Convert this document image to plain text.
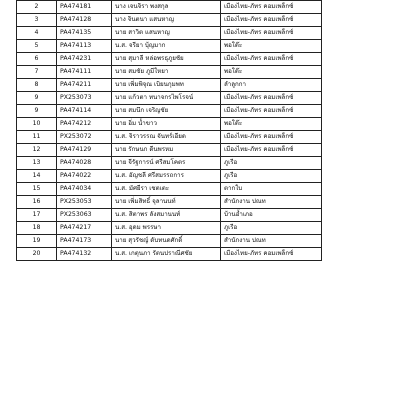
2	PA474181	นาง เจนจิรา พงสกุล	เมืองไทย-ภัทร คอมเพล็กซ์
3	PA474128	นาง จินตนา แสนหาญ	เมืองไทย-ภัทร คอมเพล็กซ์
4	PA474135	นาย สาวิต แสนหาญ	เมืองไทย-ภัทร คอมเพล็กซ์
5	PA474113	น.ส. จรียา บุ้ญมาก	พอใด๊ะ
6	PA474231	นาย สุมาลี หล่อพรธุภูยชัย	เมืองไทย-ภัทร คอมเพล็กซ์
7	PA474111	นาย สมชัย ภูมีใหยา	พอใด๊ะ
8	PA474211	นาย เพิ่มพิจุณ เบิยนกุมพท	ลำลูกกา
9	PX253073	นาย แก้วตา ทนาจกรไพโรจน์	เมืองไทย-ภัทร คอมเพล็กซ์
9	PA474114	นาย สมนึก เจริญชัย	เมืองไทย-ภัทร คอมเพล็กซ์
10	PA474212	นาย อิ่ม น้ำขาว	พอใด๊ะ
11	PX253072	น.ส. จิราวรรณ จันทร์เอียด	เมืองไทย-ภัทร คอมเพล็กซ์
12	PA474129	นาย รักษนก ดีนพรหม	เมืองไทย-ภัทร คอมเพล็กซ์
13	PA474028	นาย จีรัฐการน์ ศรีสมโคตร	ภูเรือ
14	PA474022	น.ส. อัญชลี ศรีสมรรถการ	ภูเรือ
15	PA474034	น.ส. มัศยีรา เชตเตะ	ตากใบ
16	PX253053	นาย เพิ่มสิทธิ์ จุลานนท์	สำนักงาน ปณท
17	PX253063	น.ส. สิตาพร ลังสมานนท์	บ้านอ้ำเภอ
18	PA474217	น.ส. อุดม พรรษา	ภูเรือ
19	PA474173	นาย สุวรัชญ์ ดับทนดศักดิ์	สำนักงาน ปณท
20	PA474132	น.ส. เกตุนภา รัตนปราณีศชัย	เมืองไทย-ภัทร คอมเพล็กซ์
